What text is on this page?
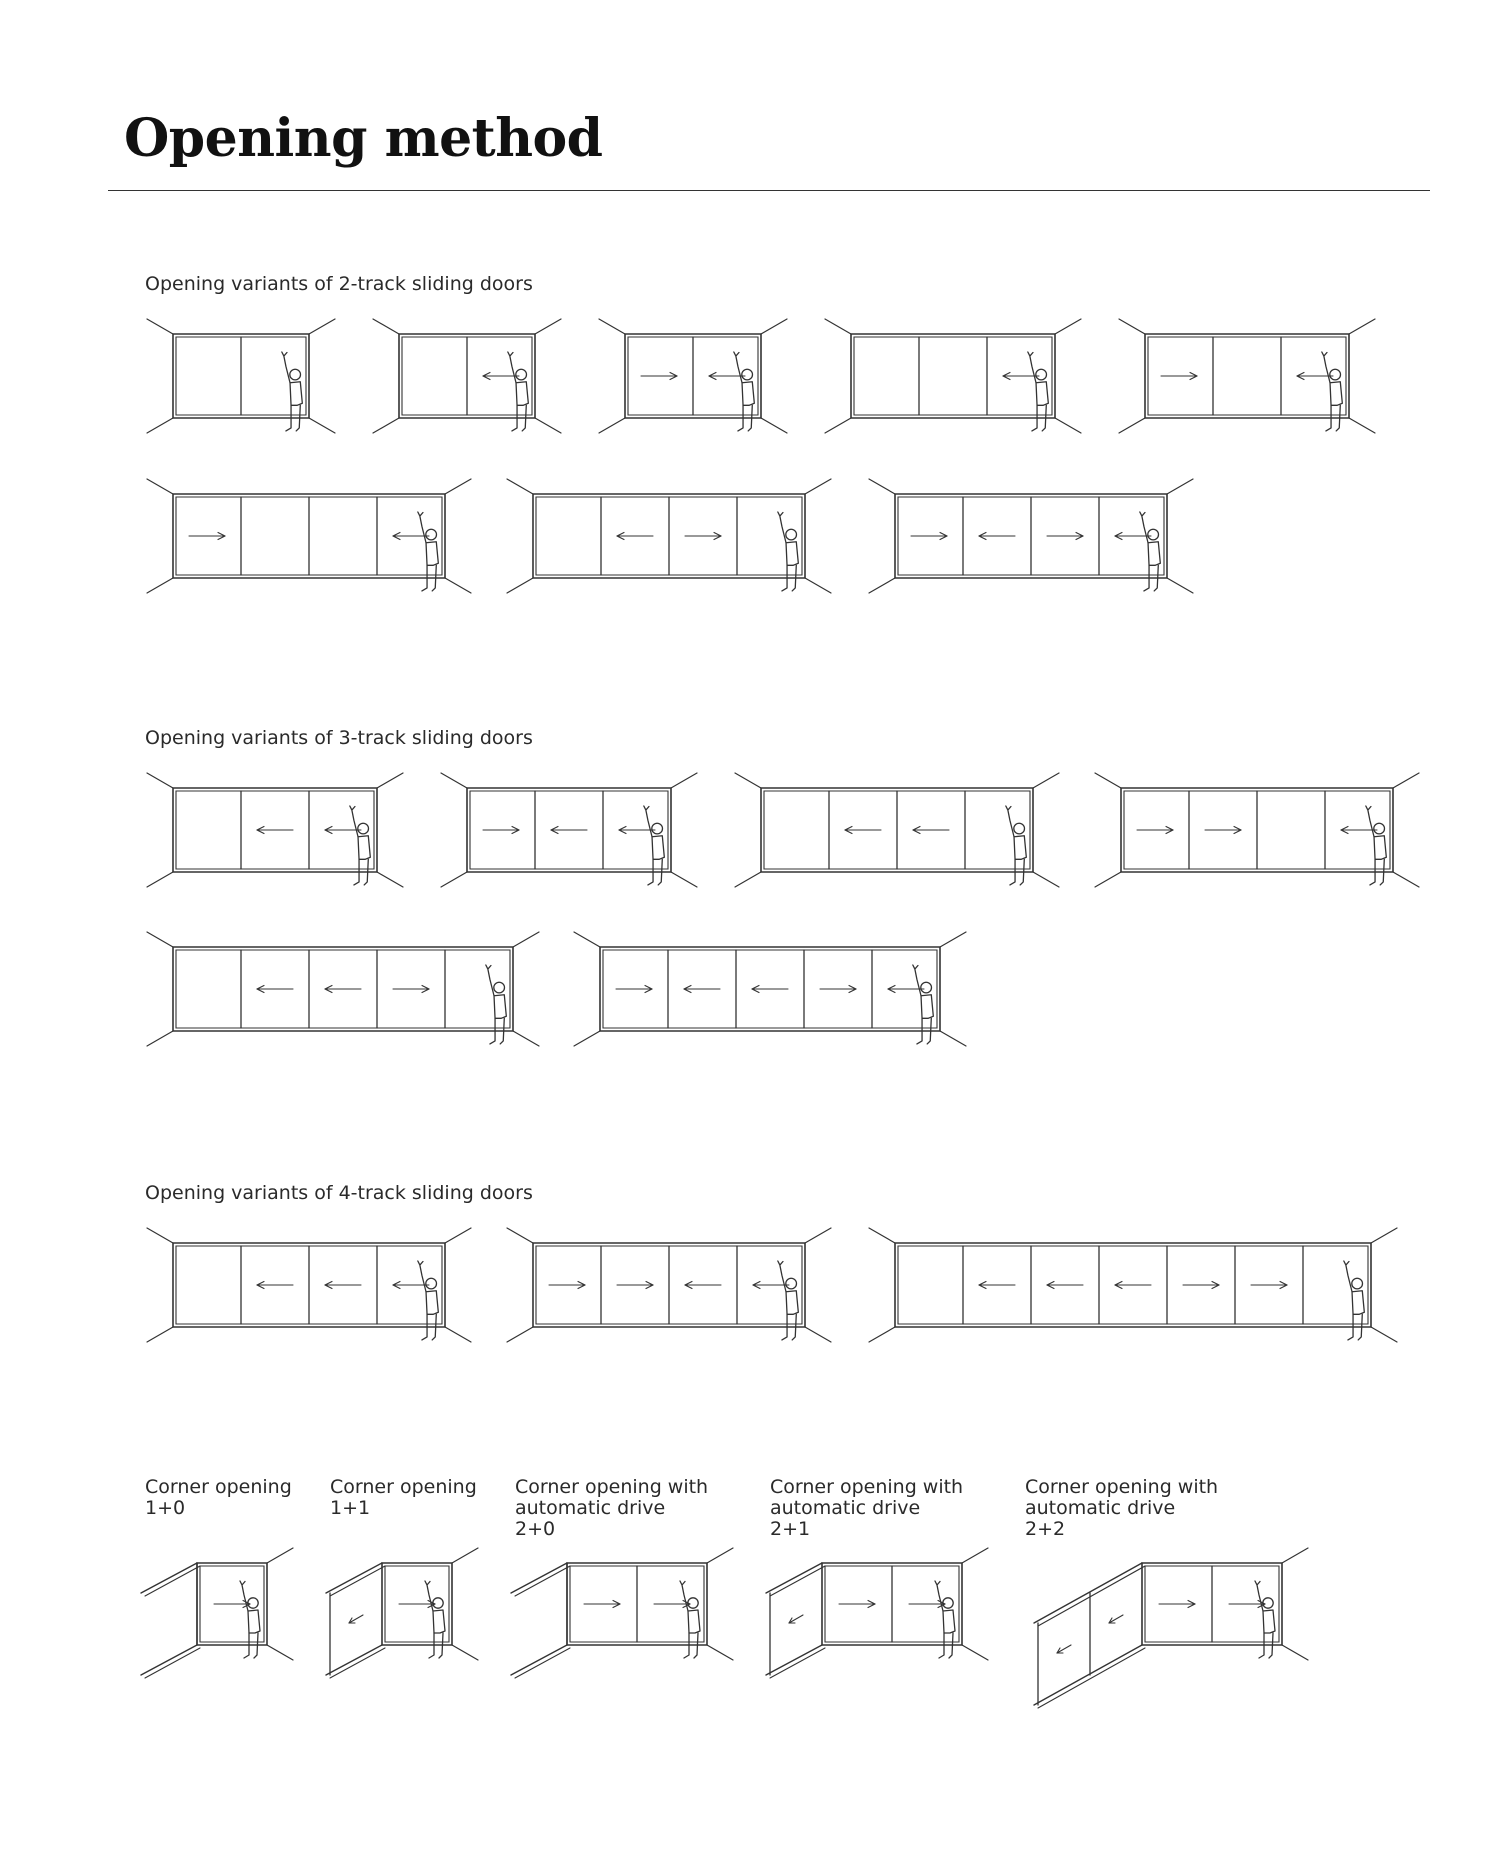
Opening method
Opening variants of 2-track sliding doors
Opening variants of 3-track sliding doors
Opening variants of 4-track sliding doors
Corner opening
1+0
Corner opening
1+1
Corner opening with
automatic drive
2+0
Corner opening with
automatic drive
2+1
Corner opening with
automatic drive
2+2
